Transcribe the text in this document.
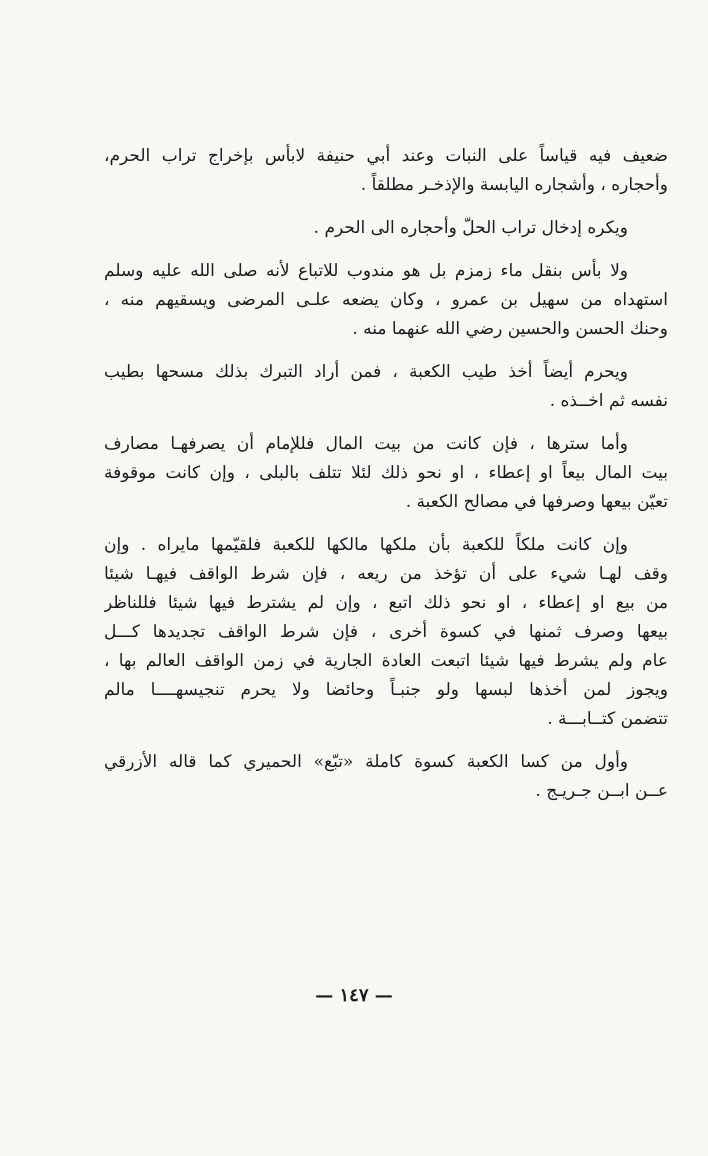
ضعيف فيه قياساً على النبات وعند أبي حنيفة لابأس بإخراج تراب الحرم،
وأحجاره ، وأشجاره اليابسة والإذخـر مطلقاً .

ويكره إدخال تراب الحلّ وأحجاره الى الحرم .

ولا بأس بنقل ماء زمزم بل هو مندوب للاتباع لأنه صلى الله عليه وسلم
استهداه من سهيل بن عمرو ، وكان يضعه علـى المرضى ويسقيهم منه ،
وحنك الحسن والحسين رضي الله عنهما منه .

ويحرم أيضاً أخذ طيب الكعبة ، فمن أراد التبرك بذلك مسحها بطيب
نفسه ثم اخــذه .

وأما سترها ، فإن كانت من بيت المال فللإمام أن يصرفهـا مصارف
بيت المال بيعاً او إعطاء ، او نحو ذلك لئلا تتلف بالبلى ، وإن كانت موقوفة
تعيّن بيعها وصرفها في مصالح الكعبة .

وإن كانت ملكاً للكعبة بأن ملكها مالكها للكعبة فلقيّمها مايراه . وإن
وقف لهـا شيء على أن تؤخذ من ريعه ، فإن شرط الواقف فيهـا شيئا
من بيع او إعطاء ، او نحو ذلك اتبع ، وإن لم يشترط فيها شيئا فللناظر
بيعها وصرف ثمنها في كسوة أخرى ، فإن شرط الواقف تجديدها كـــل
عام ولم يشرط فيها شيئا اتبعت العادة الجارية في زمن الواقف العالم بها ،
ويجوز لمن أخذها لبسها ولو جنبـاً وحائضا ولا يحرم تنجيسهــــا مالم
تتضمن كتــابـــة .

وأول من كسا الكعبة كسوة كاملة «تبّع» الحميري كما قاله الأزرقي
عــن ابــن جـريـج .

— ١٤٧ —
